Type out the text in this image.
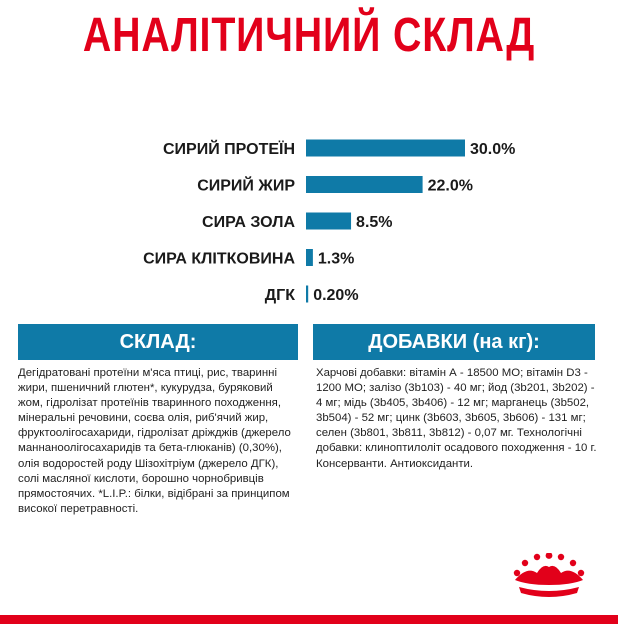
АНАЛІТИЧНИЙ СКЛАД
СИРИЙ ПРОТЕЇН	30.0%
СИРИЙ ЖИР	22.0%
СИРА ЗОЛА	8.5%
СИРА КЛІТКОВИНА 1.3%
ДГК 0.20%
СКЛАД:	ДОБАВКИ (на кг):
Дегідратовані протеїни м'яса птиці, рис, тваринні жири, пшеничний глютен*, кукурудза, буряковий жом, гідролізат протеїнів тваринного походження, мінеральні речовини, соєва олія, риб'ячий жир, фруктоолігосахариди, гідролізат дріжджів (джерело маннаноолігосахаридів та бета-глюканів) (0,30%), олія водоростей роду Шізохітріум (джерело ДГК), солі масляної кислоти, борошно чорнобривців прямостоячих. *L.I.P.: білки, відібрані за принципом високої перетравності.
Харчові добавки: вітамін А - 18500 МО; вітамін D3 - 1200 МО; залізо (3b103) - 40 мг; йод (3b201, 3b202) - 4 мг; мідь (3b405, 3b406) - 12 мг; марганець (3b502, 3b504) - 52 мг; цинк (3b603, 3b605, 3b606) - 131 мг; селен (3b801, 3b811, 3b812) - 0,07 мг. Технологічні добавки: клиноптилоліт осадового походження - 10 г. Консерванти. Антиоксиданти.
